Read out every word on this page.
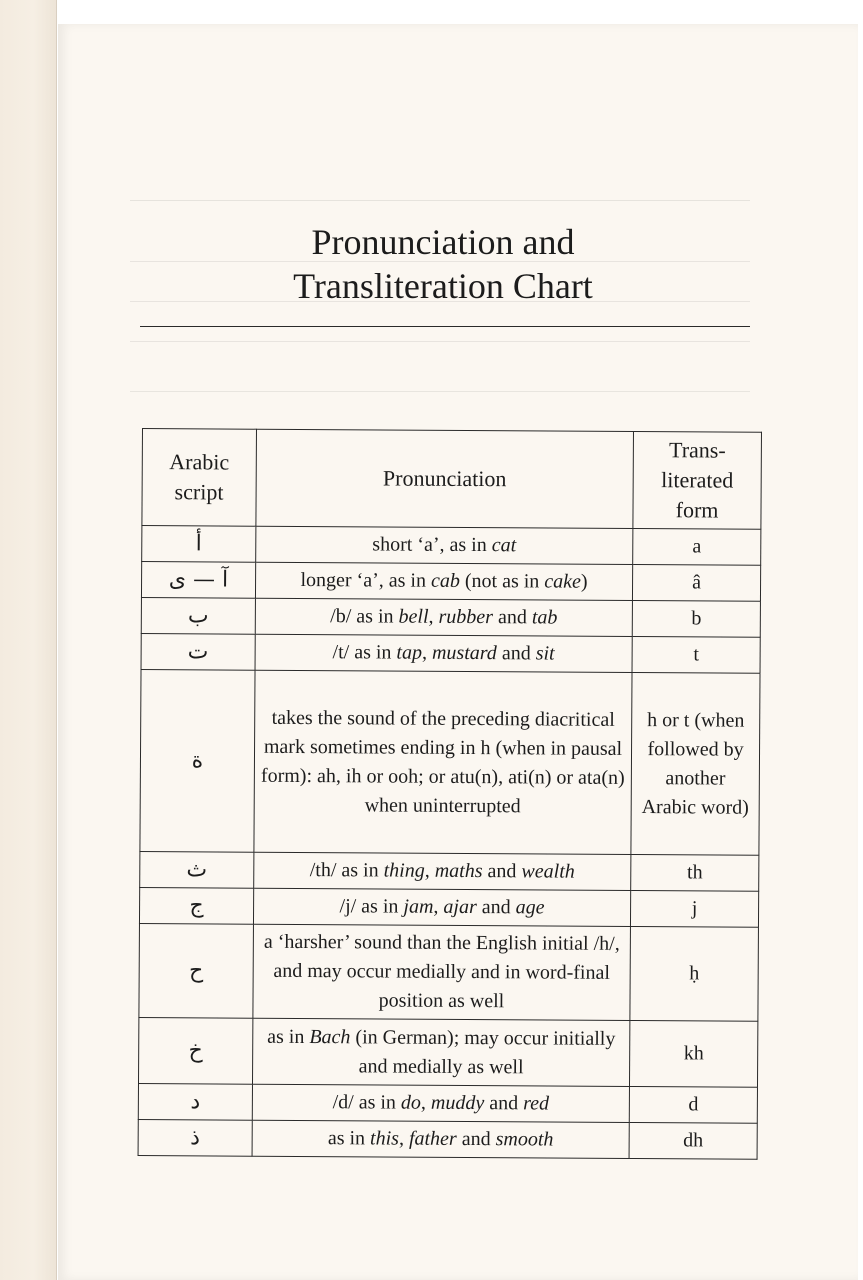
Pronunciation and
Transliteration Chart
Arabic script	Pronunciation	Trans-literated form
أ	short ‘a’, as in cat	a
آ — ى	longer ‘a’, as in cab (not as in cake)	â
ب	/b/ as in bell, rubber and tab	b
ت	/t/ as in tap, mustard and sit	t
ة	takes the sound of the preceding diacritical mark sometimes ending in h (when in pausal form): ah, ih or ooh; or atu(n), ati(n) or ata(n) when uninterrupted	h or t (when followed by another Arabic word)
ث	/th/ as in thing, maths and wealth	th
ج	/j/ as in jam, ajar and age	j
ح	a ‘harsher’ sound than the English initial /h/, and may occur medially and in word-final position as well	ḥ
خ	as in Bach (in German); may occur initially and medially as well	kh
د	/d/ as in do, muddy and red	d
ذ	as in this, father and smooth	dh
